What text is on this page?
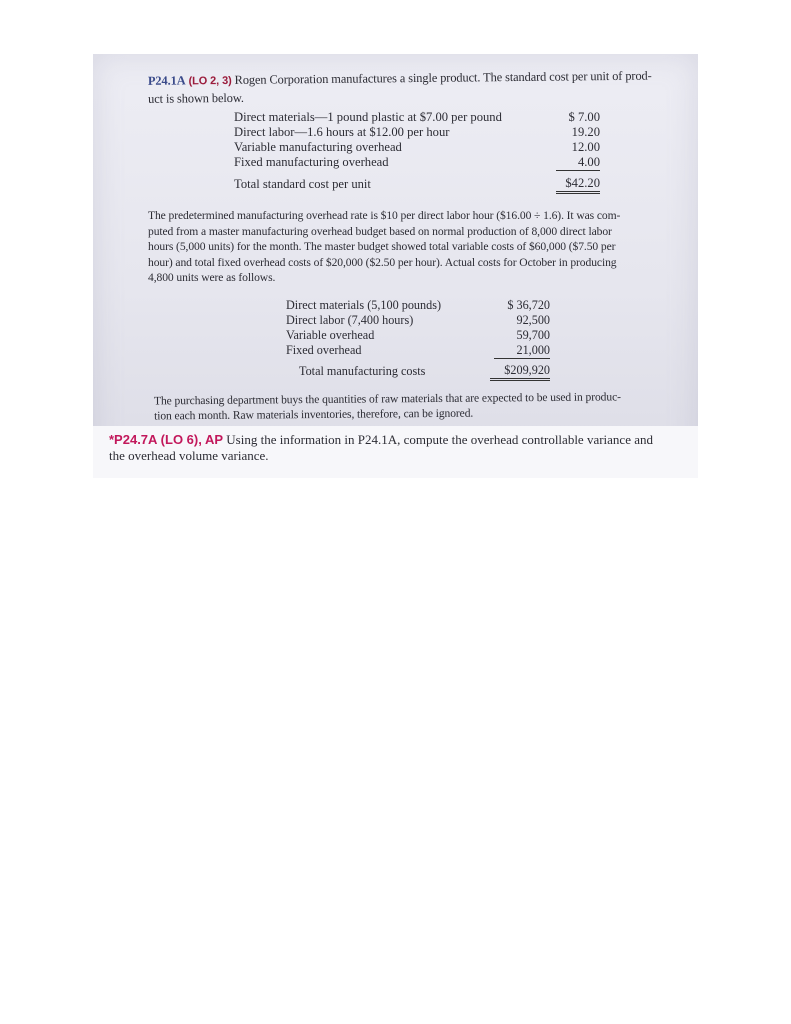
P24.1A (LO 2, 3) Rogen Corporation manufactures a single product. The standard cost per unit of prod-
uct is shown below.
Direct materials—1 pound plastic at $7.00 per pound	$ 7.00
Direct labor—1.6 hours at $12.00 per hour	19.20
Variable manufacturing overhead	12.00
Fixed manufacturing overhead	4.00
Total standard cost per unit	$42.20
The predetermined manufacturing overhead rate is $10 per direct labor hour ($16.00 ÷ 1.6). It was com-
puted from a master manufacturing overhead budget based on normal production of 8,000 direct labor
hours (5,000 units) for the month. The master budget showed total variable costs of $60,000 ($7.50 per
hour) and total fixed overhead costs of $20,000 ($2.50 per hour). Actual costs for October in producing
4,800 units were as follows.
Direct materials (5,100 pounds)	$ 36,720
Direct labor (7,400 hours)	92,500
Variable overhead	59,700
Fixed overhead	21,000
Total manufacturing costs	$209,920
The purchasing department buys the quantities of raw materials that are expected to be used in produc-
tion each month. Raw materials inventories, therefore, can be ignored.
*P24.7A (LO 6), AP Using the information in P24.1A, compute the overhead controllable variance and
the overhead volume variance.
